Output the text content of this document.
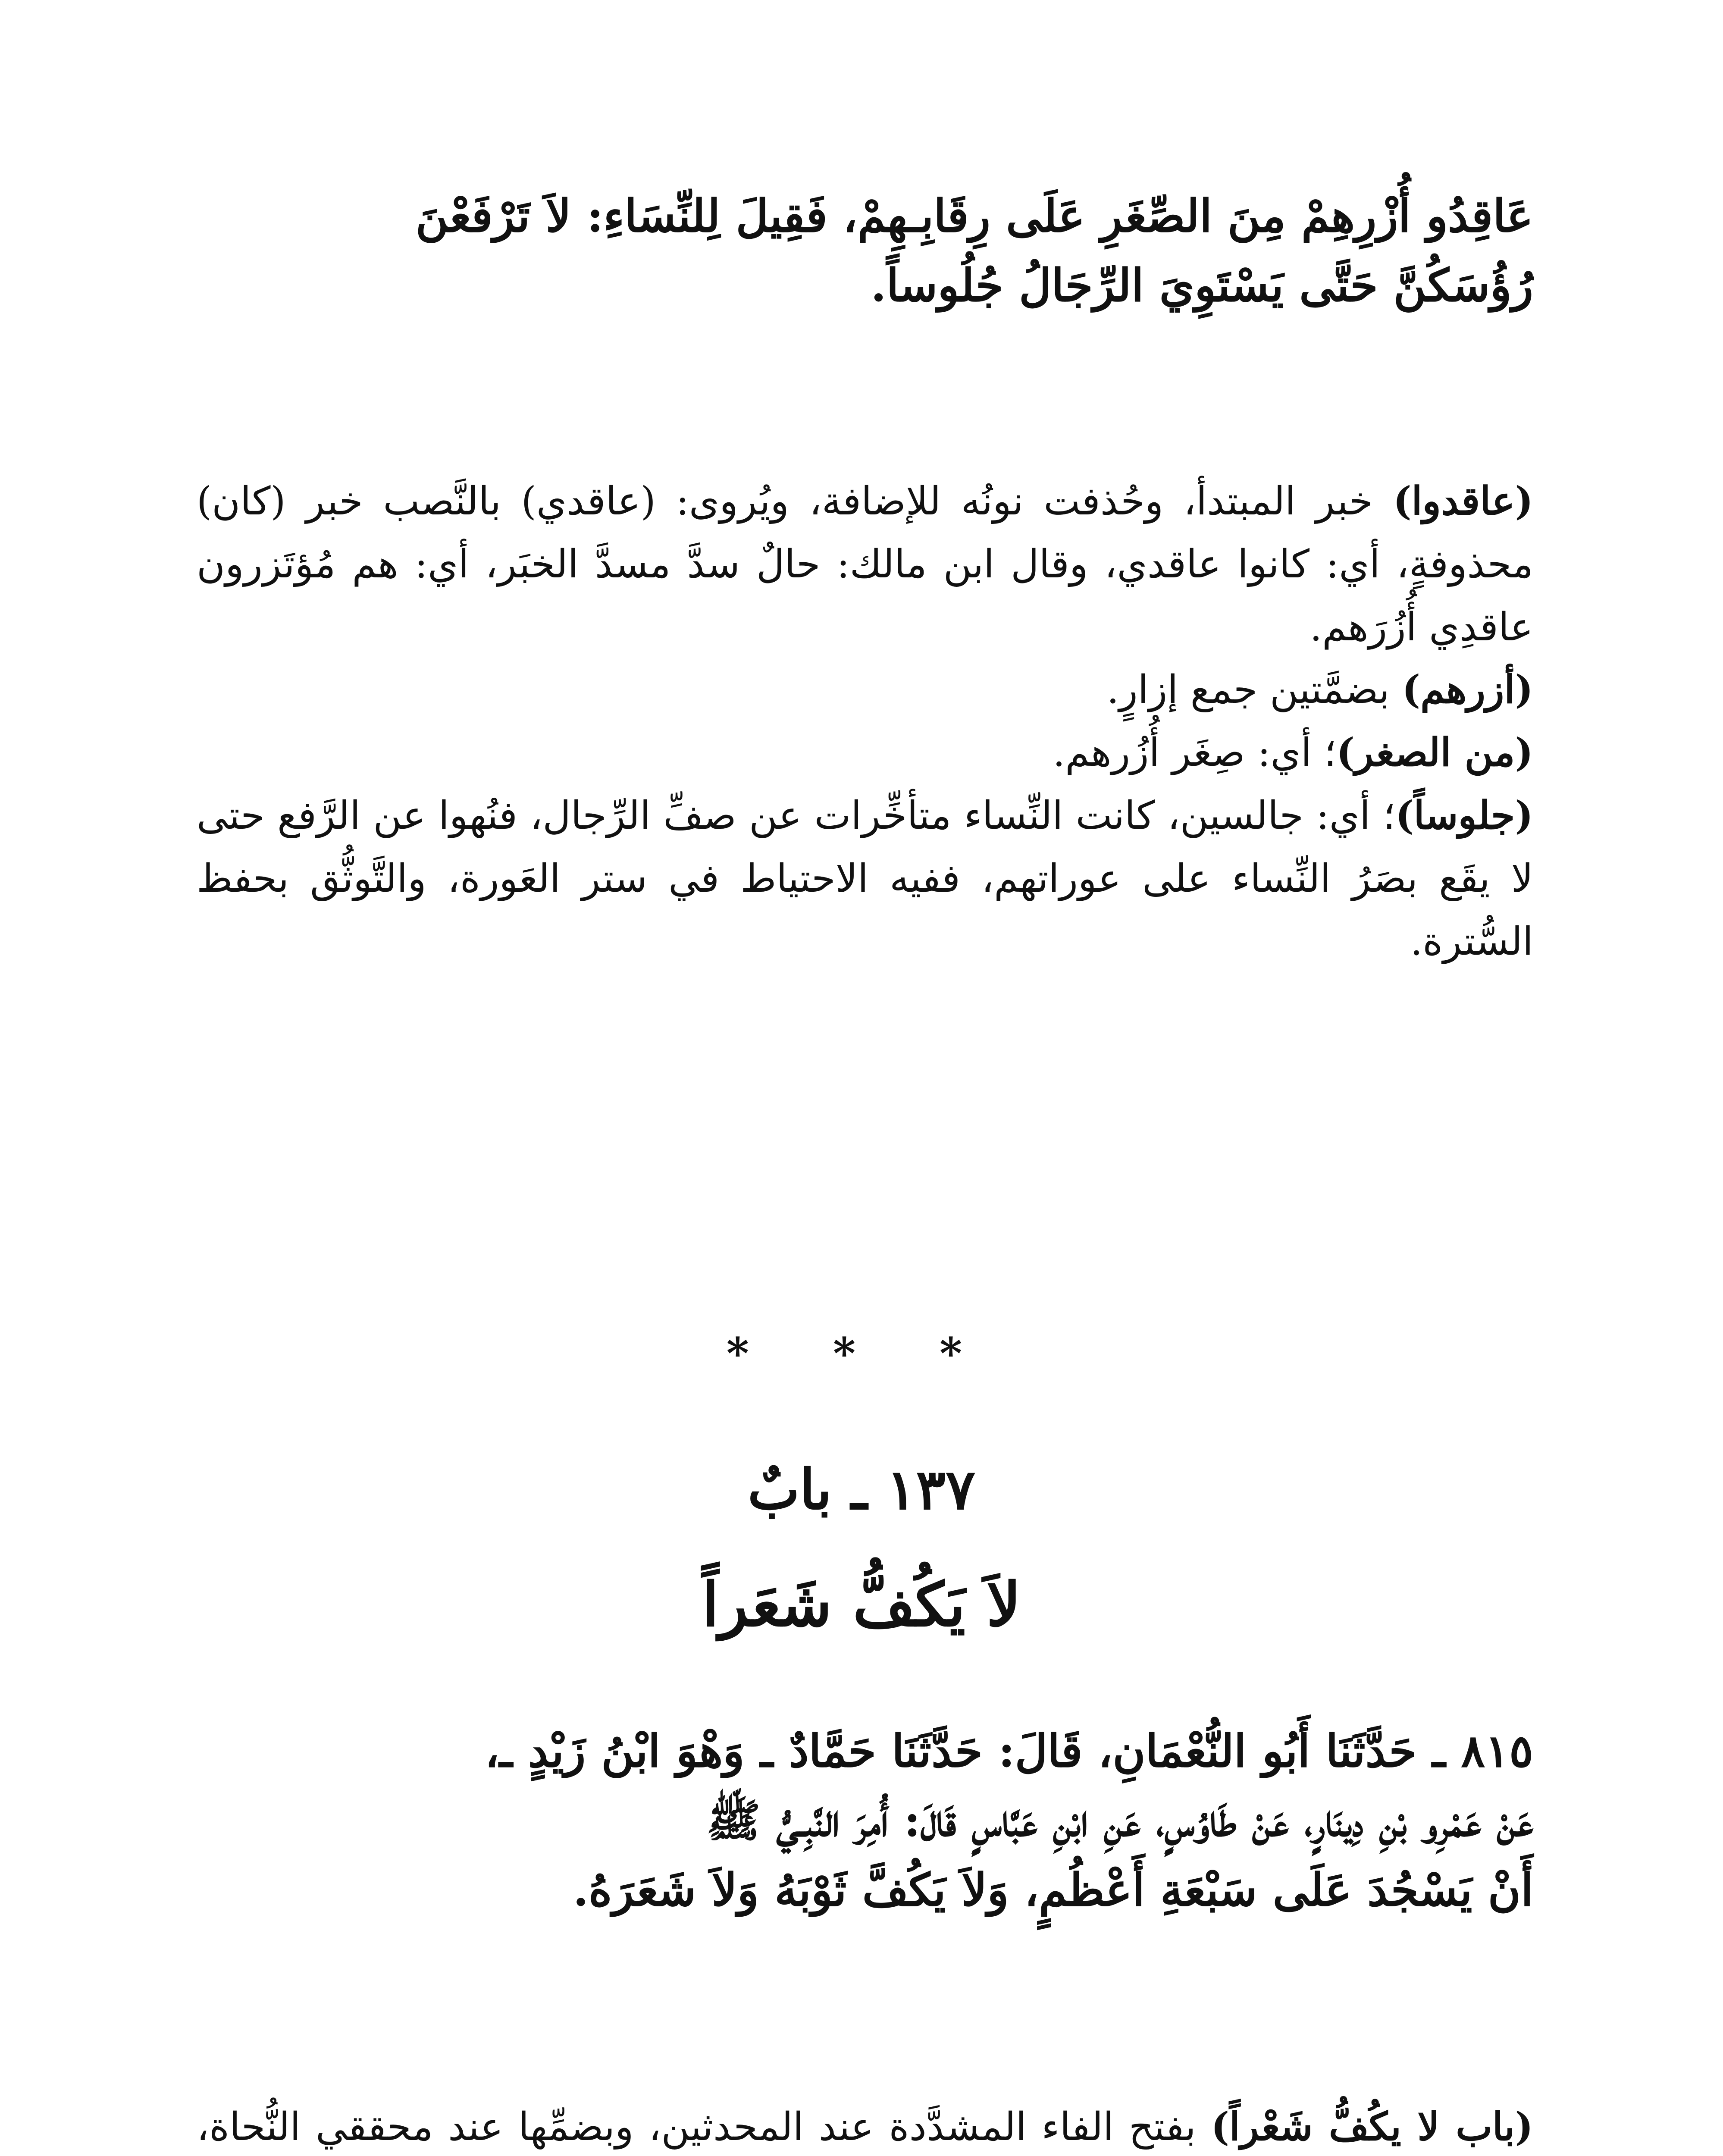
عَاقِدُو أُزْرِهِمْ مِنَ الصِّغَرِ عَلَى رِقَابِـهِمْ، فَقِيلَ لِلنِّسَاءِ: لاَ تَرْفَعْنَ

رُؤُسَكُنَّ حَتَّى يَسْتَوِيَ الرِّجَالُ جُلُوساً.

(عاقدوا) خبر المبتدأ، وحُذفت نونُه للإضافة، ويُروى: (عاقدي) بالنَّصب خبر (كان) محذوفةٍ، أي: كانوا عاقدي، وقال ابن مالك: حالٌ سدَّ مسدَّ الخبَر، أي: هم مُؤتَزرون عاقدِي أُزُرَهم.

(أزرهم) بضمَّتين جمع إزارٍ.

(من الصغر)؛ أي: صِغَر أُزُرهم.

(جلوساً)؛ أي: جالسين، كانت النِّساء متأخِّرات عن صفِّ الرِّجال، فنُهوا عن الرَّفع حتى لا يقَع بصَرُ النِّساء على عوراتهم، ففيه الاحتياط في ستر العَورة، والتَّوثُّق بحفظ السُّترة.

* * *
١٣٧ ـ بابٌ
لاَ يَكُفُّ شَعَراً

٨١٥ ـ حَدَّثَنَا أَبُو النُّعْمَانِ، قَالَ: حَدَّثَنَا حَمَّادٌ ـ وَهْوَ ابْنُ زَيْدٍ ـ،

عَنْ عَمْرِو بْنِ دِينَارٍ، عَنْ طَاوُسٍ، عَنِ ابْنِ عَبَّاسٍ قَالَ: أُمِرَ النَّبِـيُّ ﷺ

أَنْ يَسْجُدَ عَلَى سَبْعَةِ أَعْظُمٍ، وَلاَ يَكُفَّ ثَوْبَهُ وَلاَ شَعَرَهُ.

(باب لا يكُفُّ شَعْراً) بفتح الفاء المشدَّدة عند المحدثين، وبضمِّها عند محققي النُّحاة،
